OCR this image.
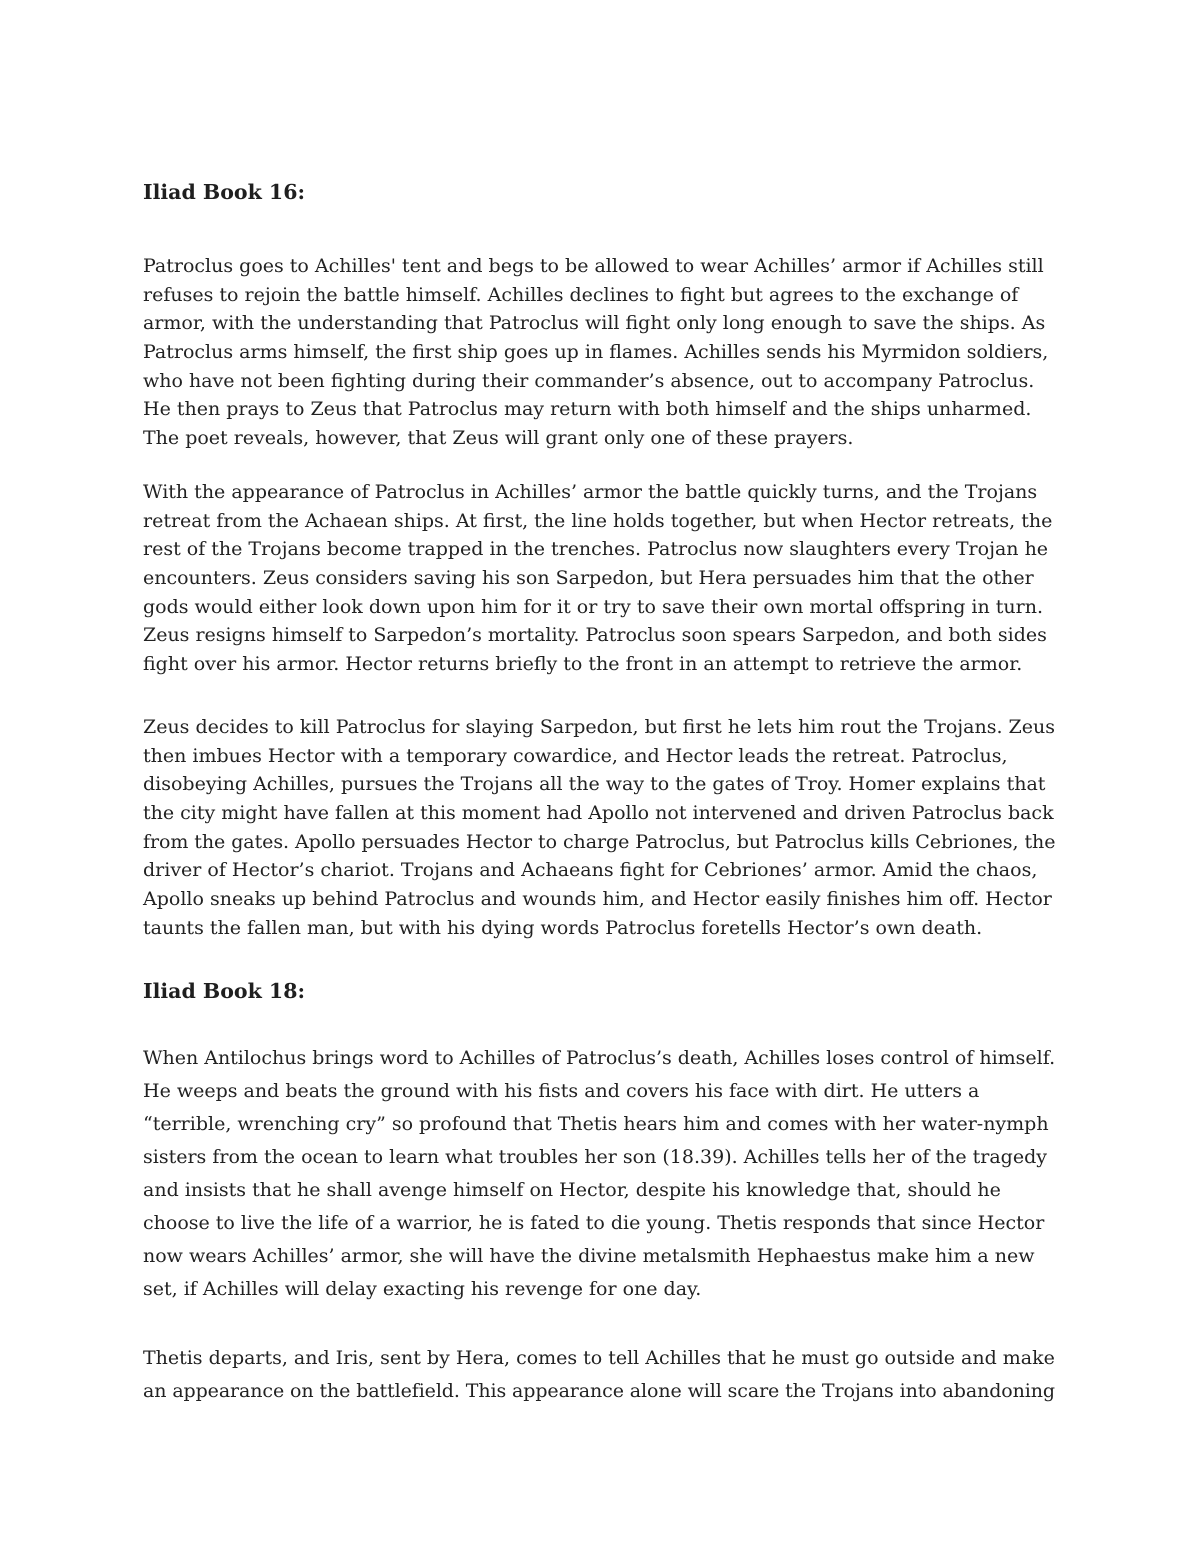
Iliad Book 16:

Patroclus goes to Achilles' tent and begs to be allowed to wear Achilles’ armor if Achilles still
refuses to rejoin the battle himself. Achilles declines to fight but agrees to the exchange of
armor, with the understanding that Patroclus will fight only long enough to save the ships. As
Patroclus arms himself, the first ship goes up in flames. Achilles sends his Myrmidon soldiers,
who have not been fighting during their commander’s absence, out to accompany Patroclus.
He then prays to Zeus that Patroclus may return with both himself and the ships unharmed.
The poet reveals, however, that Zeus will grant only one of these prayers.

With the appearance of Patroclus in Achilles’ armor the battle quickly turns, and the Trojans
retreat from the Achaean ships. At first, the line holds together, but when Hector retreats, the
rest of the Trojans become trapped in the trenches. Patroclus now slaughters every Trojan he
encounters. Zeus considers saving his son Sarpedon, but Hera persuades him that the other
gods would either look down upon him for it or try to save their own mortal offspring in turn.
Zeus resigns himself to Sarpedon’s mortality. Patroclus soon spears Sarpedon, and both sides
fight over his armor. Hector returns briefly to the front in an attempt to retrieve the armor.

Zeus decides to kill Patroclus for slaying Sarpedon, but first he lets him rout the Trojans. Zeus
then imbues Hector with a temporary cowardice, and Hector leads the retreat. Patroclus,
disobeying Achilles, pursues the Trojans all the way to the gates of Troy. Homer explains that
the city might have fallen at this moment had Apollo not intervened and driven Patroclus back
from the gates. Apollo persuades Hector to charge Patroclus, but Patroclus kills Cebriones, the
driver of Hector’s chariot. Trojans and Achaeans fight for Cebriones’ armor. Amid the chaos,
Apollo sneaks up behind Patroclus and wounds him, and Hector easily finishes him off. Hector
taunts the fallen man, but with his dying words Patroclus foretells Hector’s own death.

Iliad Book 18:

When Antilochus brings word to Achilles of Patroclus’s death, Achilles loses control of himself.
He weeps and beats the ground with his fists and covers his face with dirt. He utters a
“terrible, wrenching cry” so profound that Thetis hears him and comes with her water-nymph
sisters from the ocean to learn what troubles her son (18.39). Achilles tells her of the tragedy
and insists that he shall avenge himself on Hector, despite his knowledge that, should he
choose to live the life of a warrior, he is fated to die young. Thetis responds that since Hector
now wears Achilles’ armor, she will have the divine metalsmith Hephaestus make him a new
set, if Achilles will delay exacting his revenge for one day.

Thetis departs, and Iris, sent by Hera, comes to tell Achilles that he must go outside and make
an appearance on the battlefield. This appearance alone will scare the Trojans into abandoning
